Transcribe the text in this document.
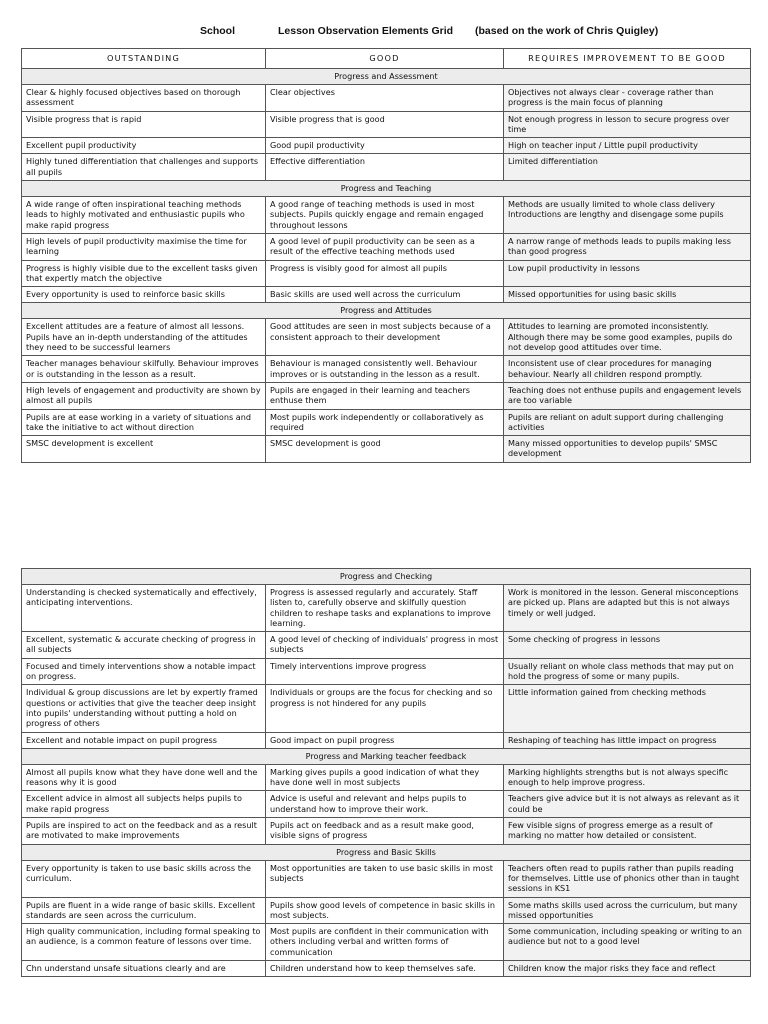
School	Lesson Observation Elements Grid (based on the work of Chris Quigley)
OUTSTANDING	GOOD	REQUIRES IMPROVEMENT TO BE GOOD
Progress and Assessment		
Clear & highly focused objectives based on thorough assessment	Clear objectives	Objectives not always clear - coverage rather than progress is the main focus of planning
Visible progress that is rapid	Visible progress that is good	Not enough progress in lesson to secure progress over time
Excellent pupil productivity	Good pupil productivity	High on teacher input / Little pupil productivity
Highly tuned differentiation that challenges and supports all pupils	Effective differentiation	Limited differentiation
Progress and Teaching		
A wide range of often inspirational teaching methods leads to highly motivated and enthusiastic pupils who make rapid progress	A good range of teaching methods is used in most subjects. Pupils quickly engage and remain engaged throughout lessons	Methods are usually limited to whole class delivery Introductions are lengthy and disengage some pupils
High levels of pupil productivity maximise the time for learning	A good level of pupil productivity can be seen as a result of the effective teaching methods used	A narrow range of methods leads to pupils making less than good progress
Progress is highly visible due to the excellent tasks given that expertly match the objective	Progress is visibly good for almost all pupils	Low pupil productivity in lessons
Every opportunity is used to reinforce basic skills	Basic skills are used well across the curriculum	Missed opportunities for using basic skills
Progress and Attitudes		
Excellent attitudes are a feature of almost all lessons. Pupils have an in-depth understanding of the attitudes they need to be successful learners	Good attitudes are seen in most subjects because of a consistent approach to their development	Attitudes to learning are promoted inconsistently. Although there may be some good examples, pupils do not develop good attitudes over time.
Teacher manages behaviour skilfully. Behaviour improves or is outstanding in the lesson as a result.	Behaviour is managed consistently well. Behaviour improves or is outstanding in the lesson as a result.	Inconsistent use of clear procedures for managing behaviour. Nearly all children respond promptly.
High levels of engagement and productivity are shown by almost all pupils	Pupils are engaged in their learning and teachers enthuse them	Teaching does not enthuse pupils and engagement levels are too variable
Pupils are at ease working in a variety of situations and take the initiative to act without direction	Most pupils work independently or collaboratively as required	Pupils are reliant on adult support during challenging activities
SMSC development is excellent	SMSC development is good	Many missed opportunities to develop pupils' SMSC development
Progress and Checking		
Understanding is checked systematically and effectively, anticipating interventions.	Progress is assessed regularly and accurately. Staff listen to, carefully observe and skilfully question children to reshape tasks and explanations to improve learning.	Work is monitored in the lesson. General misconceptions are picked up. Plans are adapted but this is not always timely or well judged.
Excellent, systematic & accurate checking of progress in all subjects	A good level of checking of individuals' progress in most subjects	Some checking of progress in lessons
Focused and timely interventions show a notable impact on progress.	Timely interventions improve progress	Usually reliant on whole class methods that may put on hold the progress of some or many pupils.
Individual & group discussions are let by expertly framed questions or activities that give the teacher deep insight into pupils' understanding without putting a hold on progress of others	Individuals or groups are the focus for checking and so progress is not hindered for any pupils	Little information gained from checking methods
Excellent and notable impact on pupil progress	Good impact on pupil progress	Reshaping of teaching has little impact on progress
Progress and Marking teacher feedback		
Almost all pupils know what they have done well and the reasons why it is good	Marking gives pupils a good indication of what they have done well in most subjects	Marking highlights strengths but is not always specific enough to help improve progress.
Excellent advice in almost all subjects helps pupils to make rapid progress	Advice is useful and relevant and helps pupils to understand how to improve their work.	Teachers give advice but it is not always as relevant as it could be
Pupils are inspired to act on the feedback and as a result are motivated to make improvements	Pupils act on feedback and as a result make good, visible signs of progress	Few visible signs of progress emerge as a result of marking no matter how detailed or consistent.
Progress and Basic Skills		
Every opportunity is taken to use basic skills across the curriculum.	Most opportunities are taken to use basic skills in most subjects	Teachers often read to pupils rather than pupils reading for themselves. Little use of phonics other than in taught sessions in KS1
Pupils are fluent in a wide range of basic skills. Excellent standards are seen across the curriculum.	Pupils show good levels of competence in basic skills in most subjects.	Some maths skills used across the curriculum, but many missed opportunities
High quality communication, including formal speaking to an audience, is a common feature of lessons over time.	Most pupils are confident in their communication with others including verbal and written forms of communication	Some communication, including speaking or writing to an audience but not to a good level
Chn understand unsafe situations clearly and are	Children understand how to keep themselves safe.	Children know the major risks they face and reflect
